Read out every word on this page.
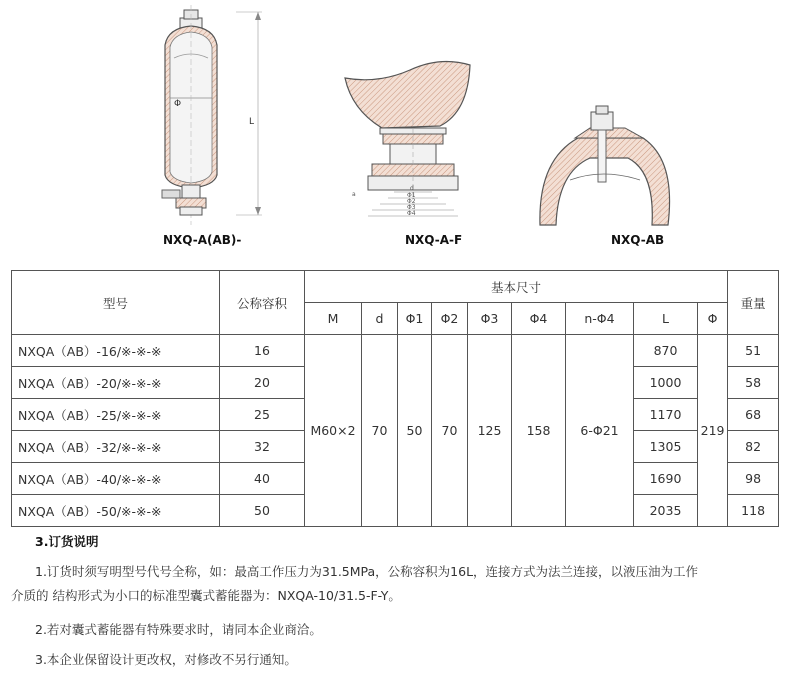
Φ
L
a
d
Φ1
Φ2
Φ3
Φ4
NXQ-A(AB)-	NXQ-A-F	NXQ-AB
型号	公称容积	基本尺寸									重量
		M	d	Φ1	Φ2	Φ3	Φ4	n-Φ4	L	Φ	
NXQA（AB）-16/※-※-※	16	M60×2	70	50	70	125	158	6-Φ21	870	219	51
NXQA（AB）-20/※-※-※	20								1000		58
NXQA（AB）-25/※-※-※	25								1170		68
NXQA（AB）-32/※-※-※	32								1305		82
NXQA（AB）-40/※-※-※	40								1690		98
NXQA（AB）-50/※-※-※	50								2035		118
3.订货说明
1.订货时须写明型号代号全称，如：最高工作压力为31.5MPa，公称容积为16L，连接方式为法兰连接，以液压油为工作
介质的 结构形式为小口的标准型囊式蓄能器为：NXQA-10/31.5-F-Y。
2.若对囊式蓄能器有特殊要求时，请同本企业商洽。
3.本企业保留设计更改权，对修改不另行通知。
